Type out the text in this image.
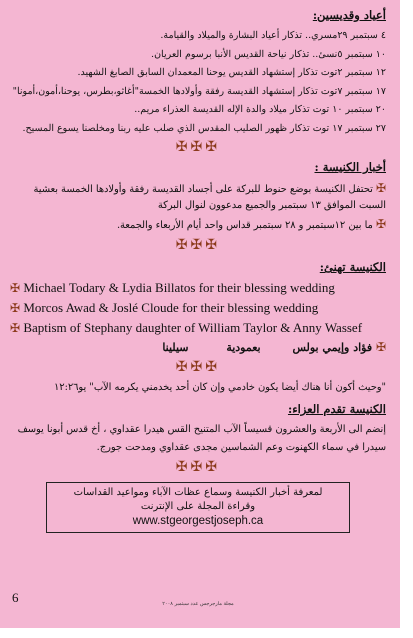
أعياد وقديسين:
٤ سبتمبر ٢٩مسري.. تذكار أعياد البشارة والميلاد والقيامة.
١٠ سبتمبر ٥نسئ.. تذكار نياحة القديس الأنبا برسوم العريان.
١٢ سبتمبر ٢توت تذكار إستشهاد القديس يوحنا المعمدان السابق الصابغ الشهيد.
١٧ سبتمبر ٧توت تذكار إستشهاد القديسة رفقة وأولادها الخمسة"أغاثو،بطرس، يوحنا،أمون،أمونا"
٢٠ سبتمبر ١٠ توت تذكار ميلاد والدة الإله القديسة العذراء مريم..
٢٧ سبتمبر ١٧ توت تذكار ظهور الصليب المقدس الذي صلب عليه ربنا ومخلصنا يسوع المسيح.
✠✠✠
أخبار الكنيسة :
✠ تحتفل الكنيسة بوضع حنوط للبركة على أجساد القديسة رفقة وأولادها الخمسة بعشية السبت الموافق ١٣ سبتمبر والجميع مدعوون لنوال البركة
✠ ما بين ١٢سبتمبر و ٢٨ سبتمبر قداس واحد أيام الأربعاء والجمعة.
✠✠✠
الكنيسة تهنئ:
✠ Michael Todary & Lydia Billatos for their blessing wedding
✠ Morcos Awad & Joslé Cloude for their blessing wedding
✠ Baptism of Stephany daughter of William Taylor & Anny Wassef
✠ فؤاد وإيمي بولس بعمودية سيلينا
✠✠✠
"وحيث أكون أنا هناك أيضا يكون خادمي وإن كان أحد يخدمني يكرمه الآب" يو١٢:٢٦
الكنيسة تقدم العزاء:
إنضم الى الأربعة والعشرون قسيساً الآب المتنيح القس هيدرا عقداوي ، أخ قدس أبونا يوسف سيدرا في سماء الكهنوت وعم الشماسين مجدى عقداوي ومدحت جورج.
✠✠✠
لمعرفة أخبار الكنيسة وسماع عظات الآباء ومواعيد القداسات
وقراءة المجلة على الإنترنت
www.stgeorgestjoseph.ca
6	مجلة مارجرجس عدد سبتمبر ٢٠٠٨
